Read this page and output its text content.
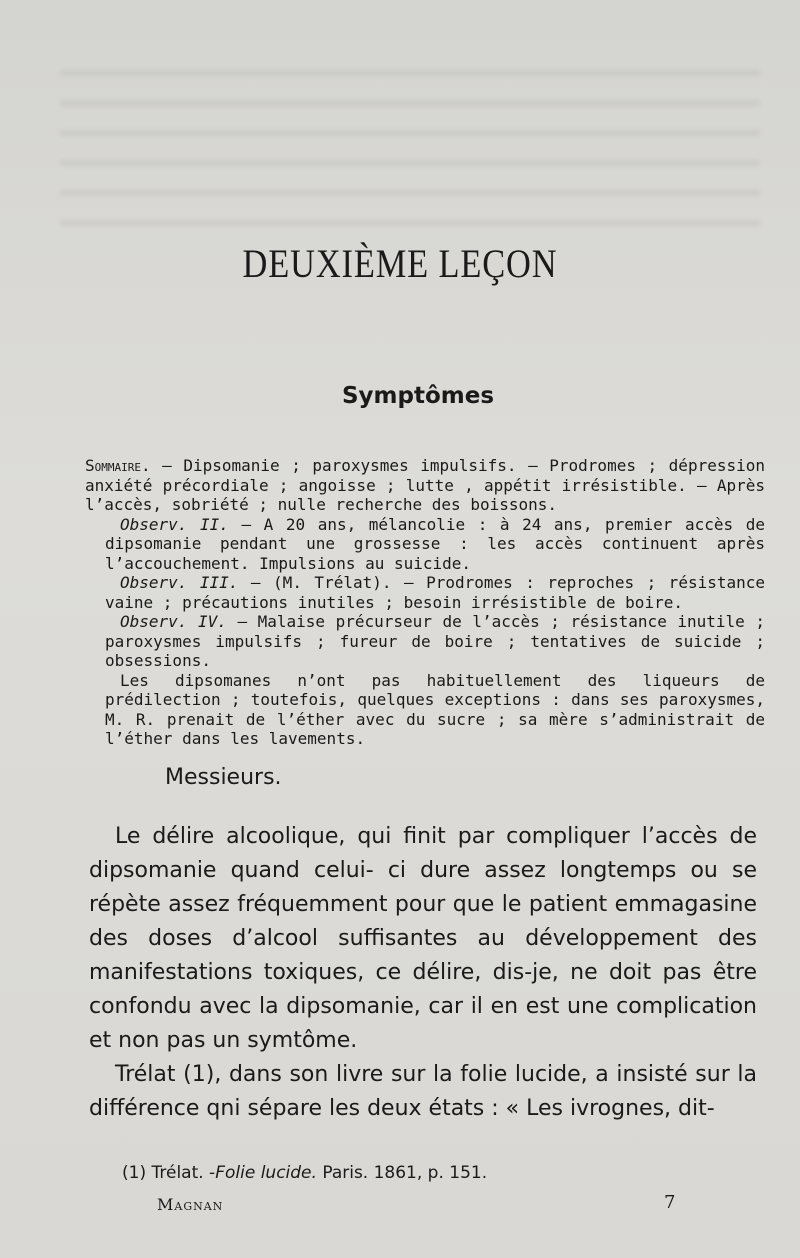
DEUXIÈME LEÇON
Symptômes

Sommaire. — Dipsomanie ; paroxysmes impulsifs. — Prodromes ; dépression anxiété précordiale ; angoisse ; lutte , appétit irrésistible. — Après l’accès, sobriété ; nulle recherche des boissons.

Observ. II. — A 20 ans, mélancolie : à 24 ans, premier accès de dipsomanie pendant une grossesse : les accès continuent après l’accouchement. Impulsions au suicide.

Observ. III. — (M. Trélat). — Prodromes : reproches ; résistance vaine ; précautions inutiles ; besoin irrésistible de boire.

Observ. IV. — Malaise précurseur de l’accès ; résistance inutile ; paroxysmes impulsifs ; fureur de boire ; tentatives de suicide ; obsessions.

Les dipsomanes n’ont pas habituellement des liqueurs de prédilection ; toutefois, quelques exceptions : dans ses paroxysmes, M. R. prenait de l’éther avec du sucre ; sa mère s’administrait de l’éther dans les lavements.

Messieurs.

Le délire alcoolique, qui finit par compliquer l’accès de dipsomanie quand celui- ci dure assez longtemps ou se répète assez fréquemment pour que le patient emmagasine des doses d’alcool suffisantes au développement des manifestations toxiques, ce délire, dis-je, ne doit pas être confondu avec la dipsomanie, car il en est une complication et non pas un symtôme.

Trélat (1), dans son livre sur la folie lucide, a insisté sur la différence qni sépare les deux états : « Les ivrognes, dit-

(1) Trélat. -Folie lucide. Paris. 1861, p. 151.
Magnan	7
